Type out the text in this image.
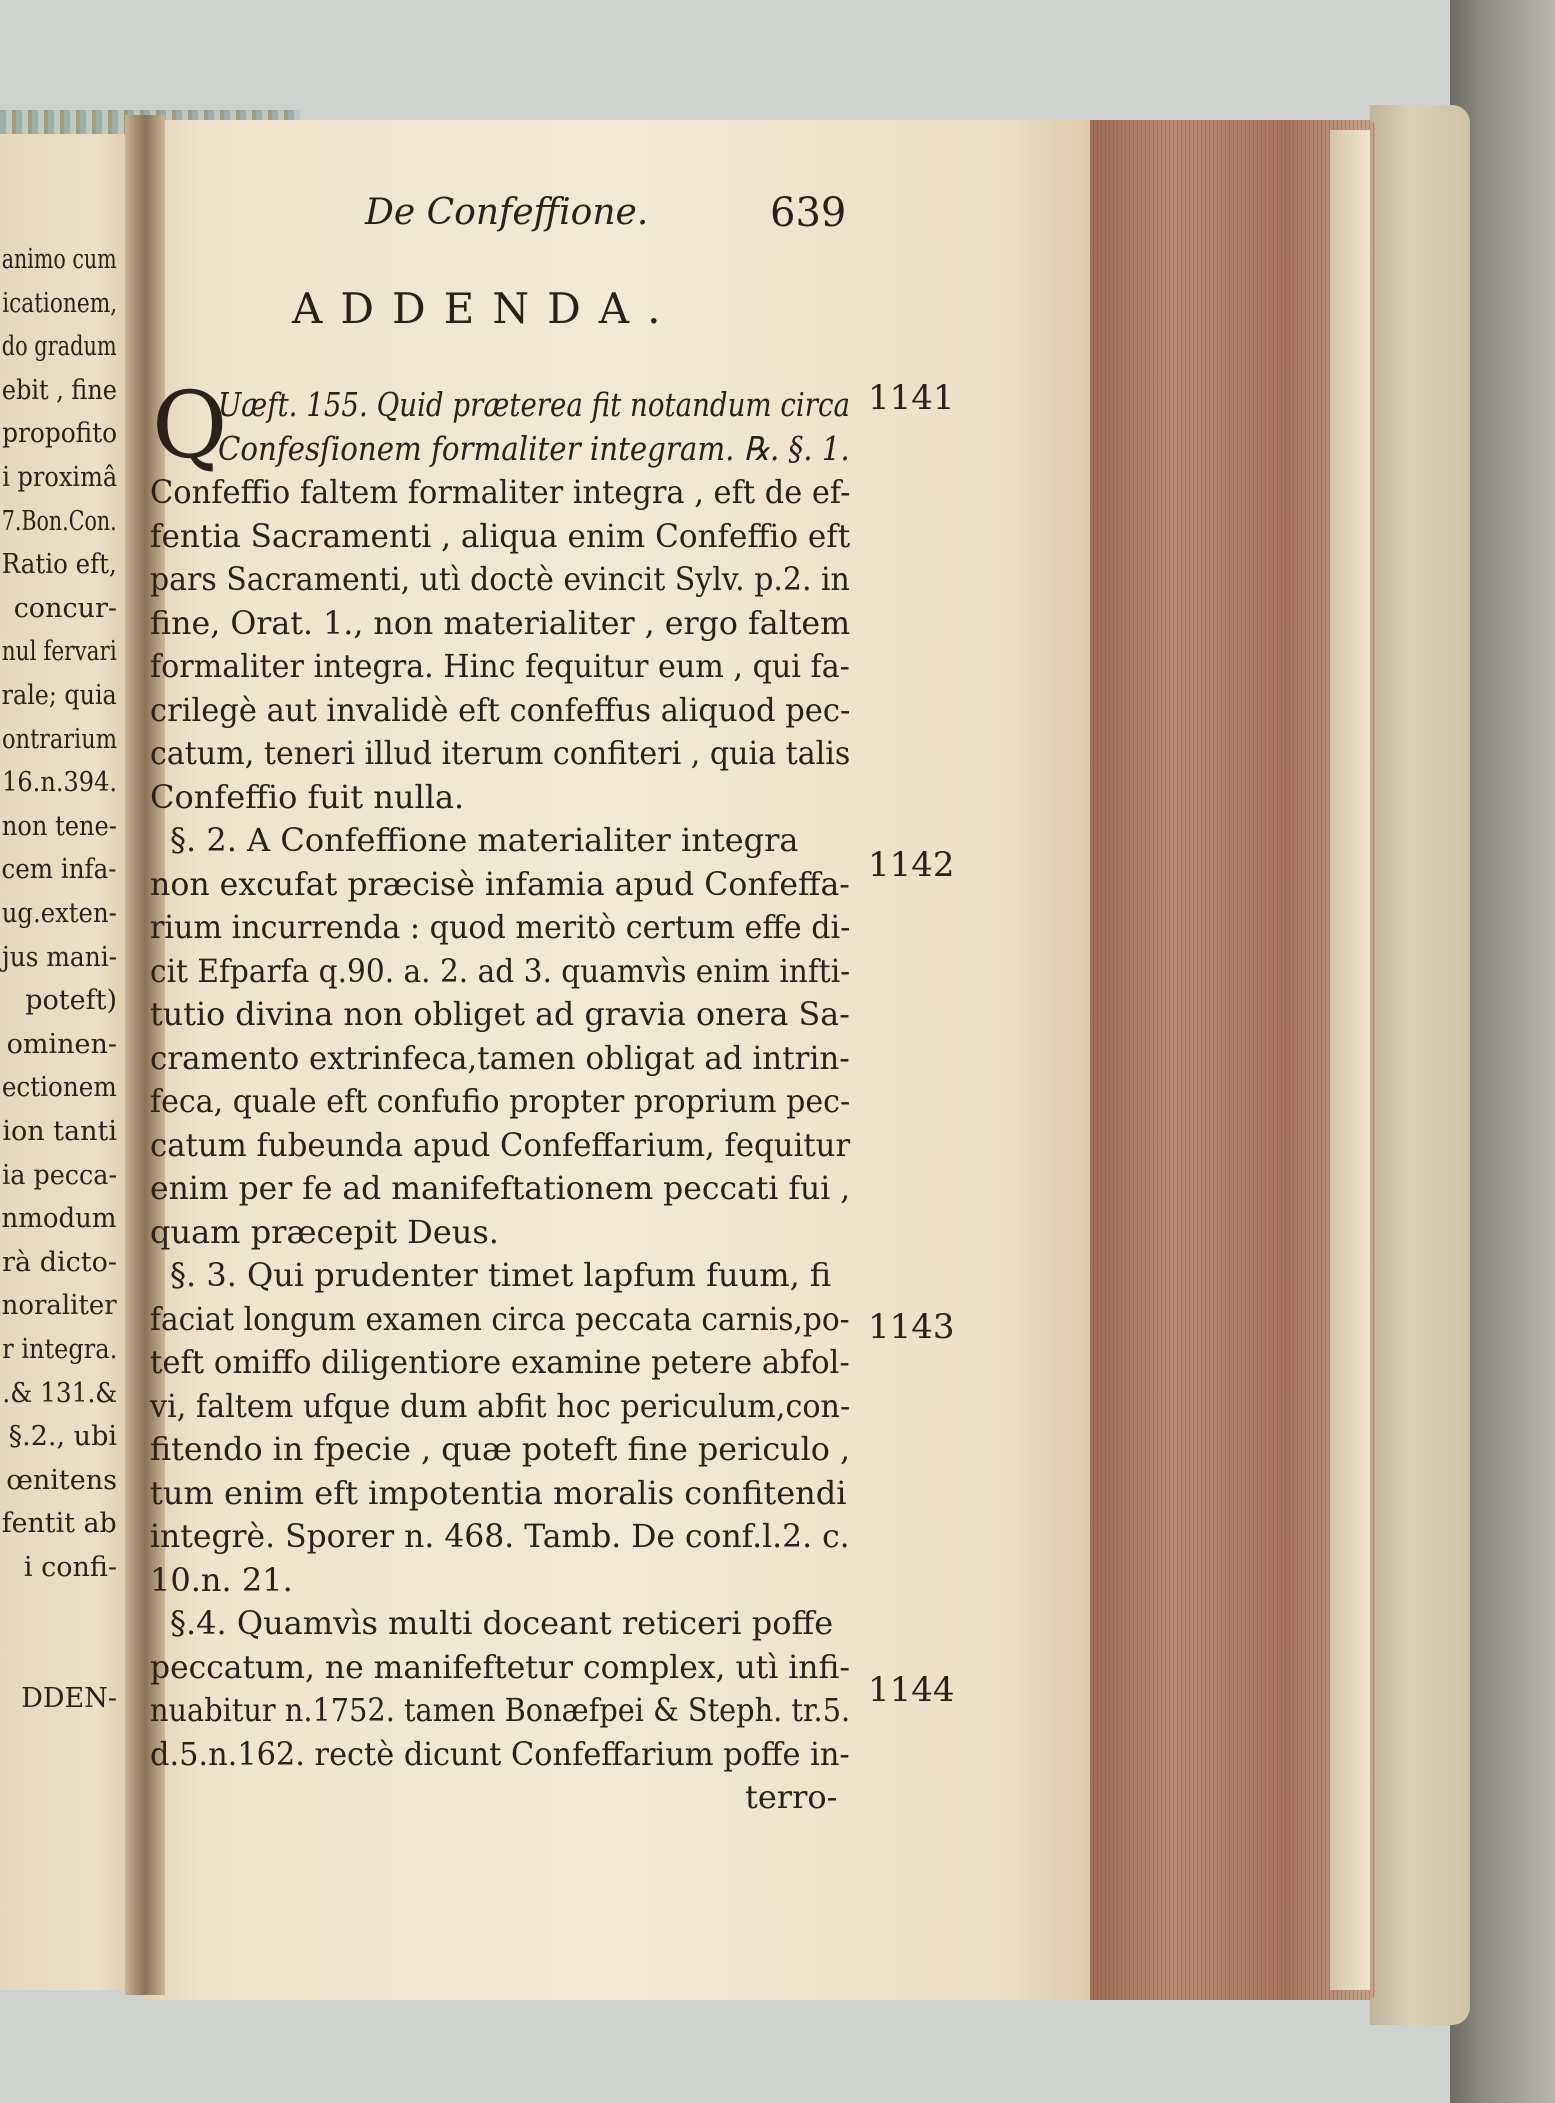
animo cum
icationem,
do gradum
ebit , fine
propofito
i proximâ
7.Bon.Con.
Ratio eft,
concur-
nul fervari
rale; quia
ontrarium
16.n.394.
non tene-
cem infa-
ug.exten-
jus mani-
poteft)
ominen-
ectionem
ion tanti
ia pecca-
nmodum
rà dicto-
noraliter
r integra.
.& 131.&
§.2., ubi
œnitens
fentit ab
i confi-
DDEN-
De Confeffione.	639
ADDENDA.
Q	1141
1142
1143
1144
Uæft. 155. Quid præterea fit notandum circa
Confesſionem formaliter integram. ℞. §. 1.
Confeffio faltem formaliter integra , eft de ef-
fentia Sacramenti , aliqua enim Confeffio eft
pars Sacramenti, utì doctè evincit Sylv. p.2. in
fine, Orat. 1., non materialiter , ergo faltem
formaliter integra. Hinc fequitur eum , qui fa-
crilegè aut invalidè eft confeffus aliquod pec-
catum, teneri illud iterum confiteri , quia talis
Confeffio fuit nulla.
§. 2. A Confeffione materialiter integra
non excufat præcisè infamia apud Confeffa-
rium incurrenda : quod meritò certum effe di-
cit Efparfa q.90. a. 2. ad 3. quamvìs enim infti-
tutio divina non obliget ad gravia onera Sa-
cramento extrinfeca,tamen obligat ad intrin-
feca, quale eft confufio propter proprium pec-
catum fubeunda apud Confeffarium, fequitur
enim per fe ad manifeftationem peccati fui ,
quam præcepit Deus.
§. 3. Qui prudenter timet lapfum fuum, fi
faciat longum examen circa peccata carnis,po-
teft omiffo diligentiore examine petere abfol-
vi, faltem ufque dum abfit hoc periculum,con-
fitendo in fpecie , quæ poteft fine periculo ,
tum enim eft impotentia moralis confitendi
integrè. Sporer n. 468. Tamb. De conf.l.2. c.
10.n. 21.
§.4. Quamvìs multi doceant reticeri poffe
peccatum, ne manifeftetur complex, utì infi-
nuabitur n.1752. tamen Bonæfpei & Steph. tr.5.
d.5.n.162. rectè dicunt Confeffarium poffe in-
terro-
